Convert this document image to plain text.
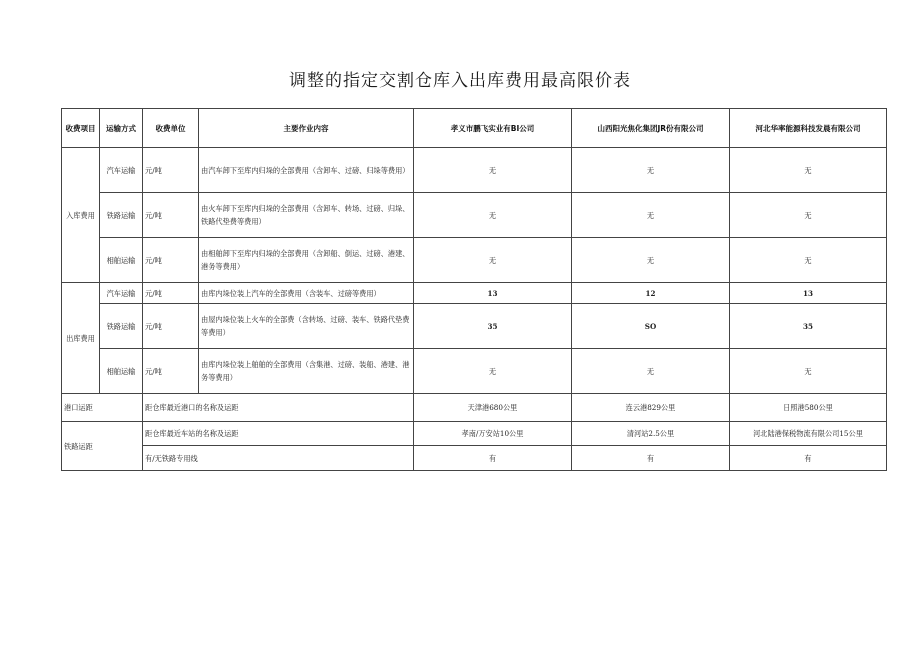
调整的指定交割仓库入出库费用最高限价表
收费项目	运输方式	收费单位	主要作业内容	孝义市鹏飞实业有BI公司	山西阳光焦化集团JR份有限公司	河北华率能源科技发晨有限公司
入库费用	汽车运输	元/吨	由汽车卸下至库内归垛的全部费用（含卸车、过磅、归垛等费用）	无	无	无
	铁路运输	元/吨	由火车卸下至库内归垛的全部费用（含卸车、转场、过磅、归垛、铁路代垫费等费用）	无	无	无
	相舶运输	元/吨	由相舶卸下至库内归垛的全部费用（含卸船、倒运、过磅、港建、港务等费用）	无	无	无
出库费用	汽车运输	元/吨	由库内垛位装上汽车的全部费用（含装车、过磅等费用）	13	12	13
	铁路运输	元/吨	由屋内垛位装上火车的全部费（含转场、过磅、装车、铁路代垫费等费用）	35	SO	35
	相舶运输	元/吨	由库内垛位装上舶舶的全部费用（含集港、过磅、装船、港建、港务等费用）	无	无	无
港口运距		距仓库最近港口的名称及运距		天津港680公里	连云港829公里	日照港580公里
铁路运距		距仓库最近车站的名称及运距		孝南/万安站10公里	清河站2.5公里	河北陆港保税物流有限公司15公里
		有/无铁路专用线		有	有	有
